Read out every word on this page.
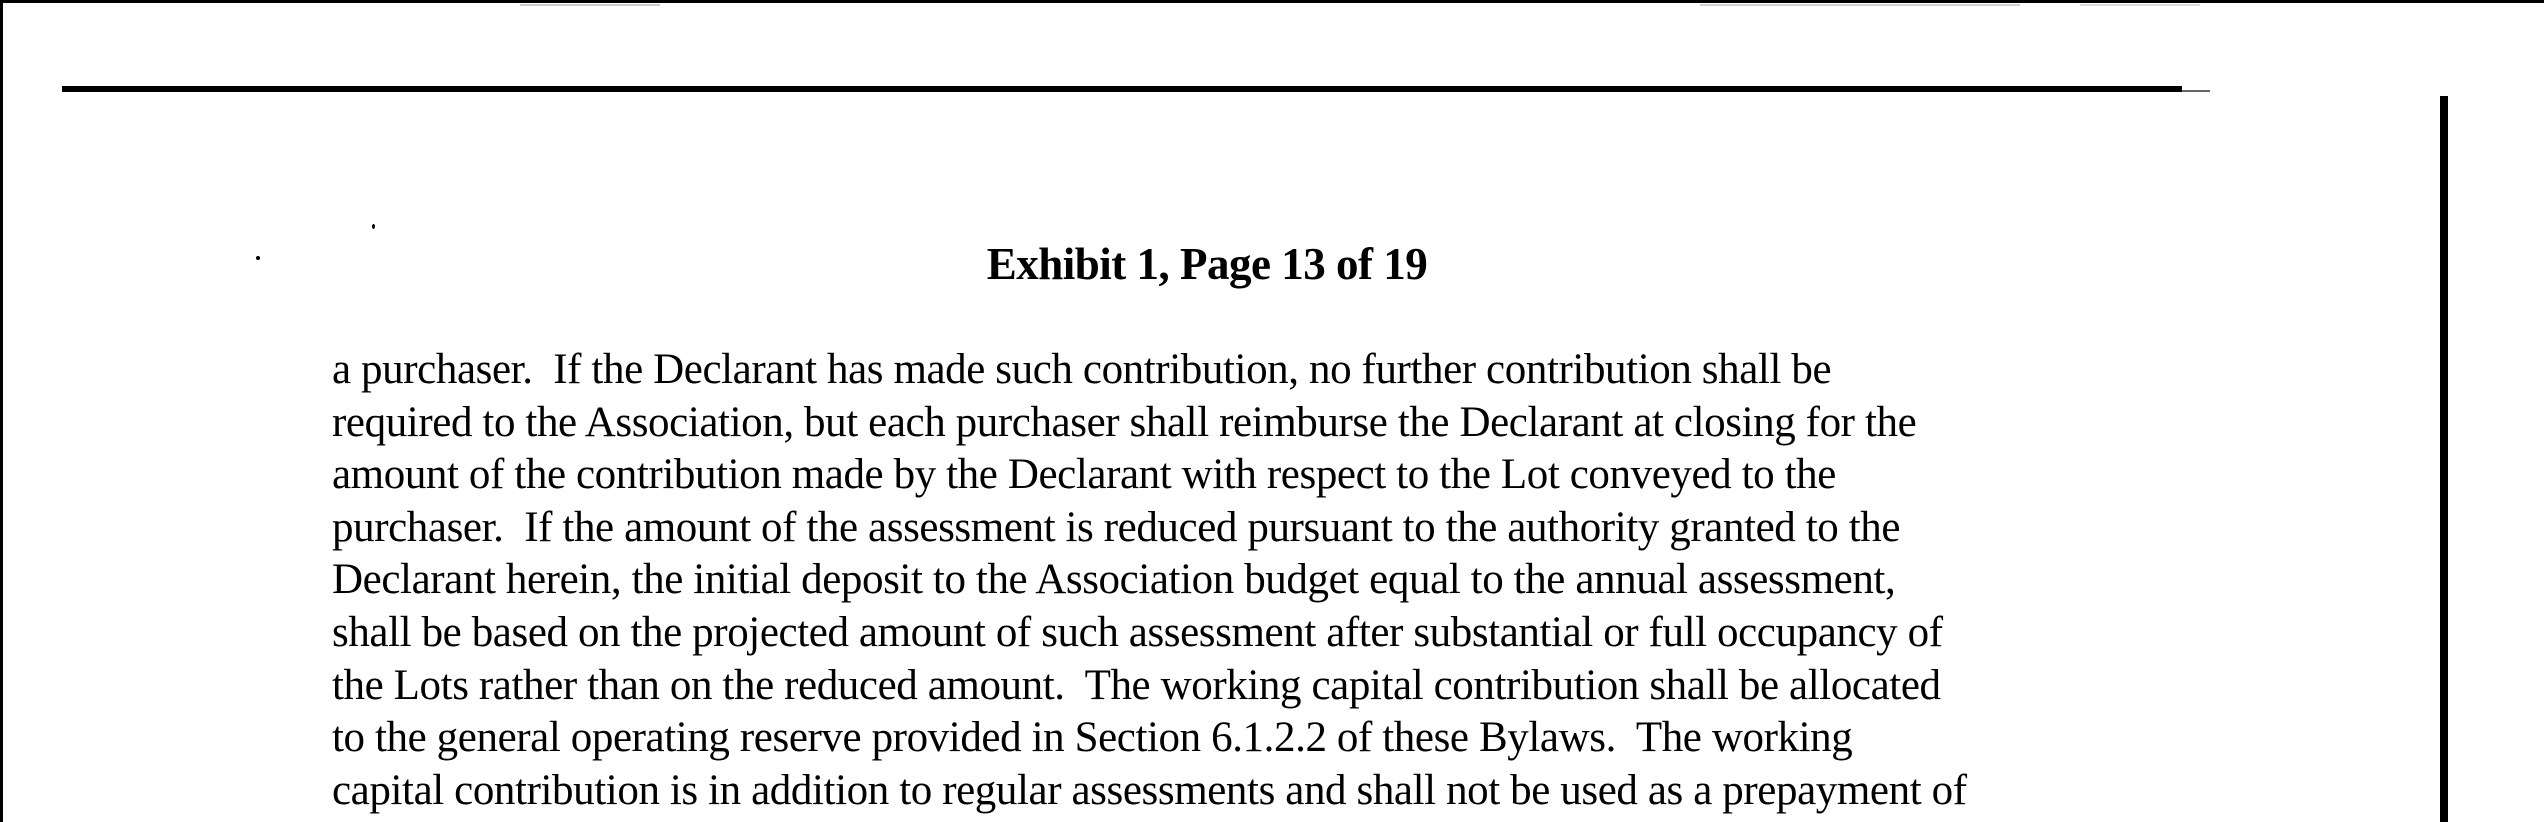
Exhibit 1, Page 13 of 19
a purchaser.  If the Declarant has made such contribution, no further contribution shall be
required to the Association, but each purchaser shall reimburse the Declarant at closing for the
amount of the contribution made by the Declarant with respect to the Lot conveyed to the
purchaser.  If the amount of the assessment is reduced pursuant to the authority granted to the
Declarant herein, the initial deposit to the Association budget equal to the annual assessment,
shall be based on the projected amount of such assessment after substantial or full occupancy of
the Lots rather than on the reduced amount.  The working capital contribution shall be allocated
to the general operating reserve provided in Section 6.1.2.2 of these Bylaws.  The working
capital contribution is in addition to regular assessments and shall not be used as a prepayment of
